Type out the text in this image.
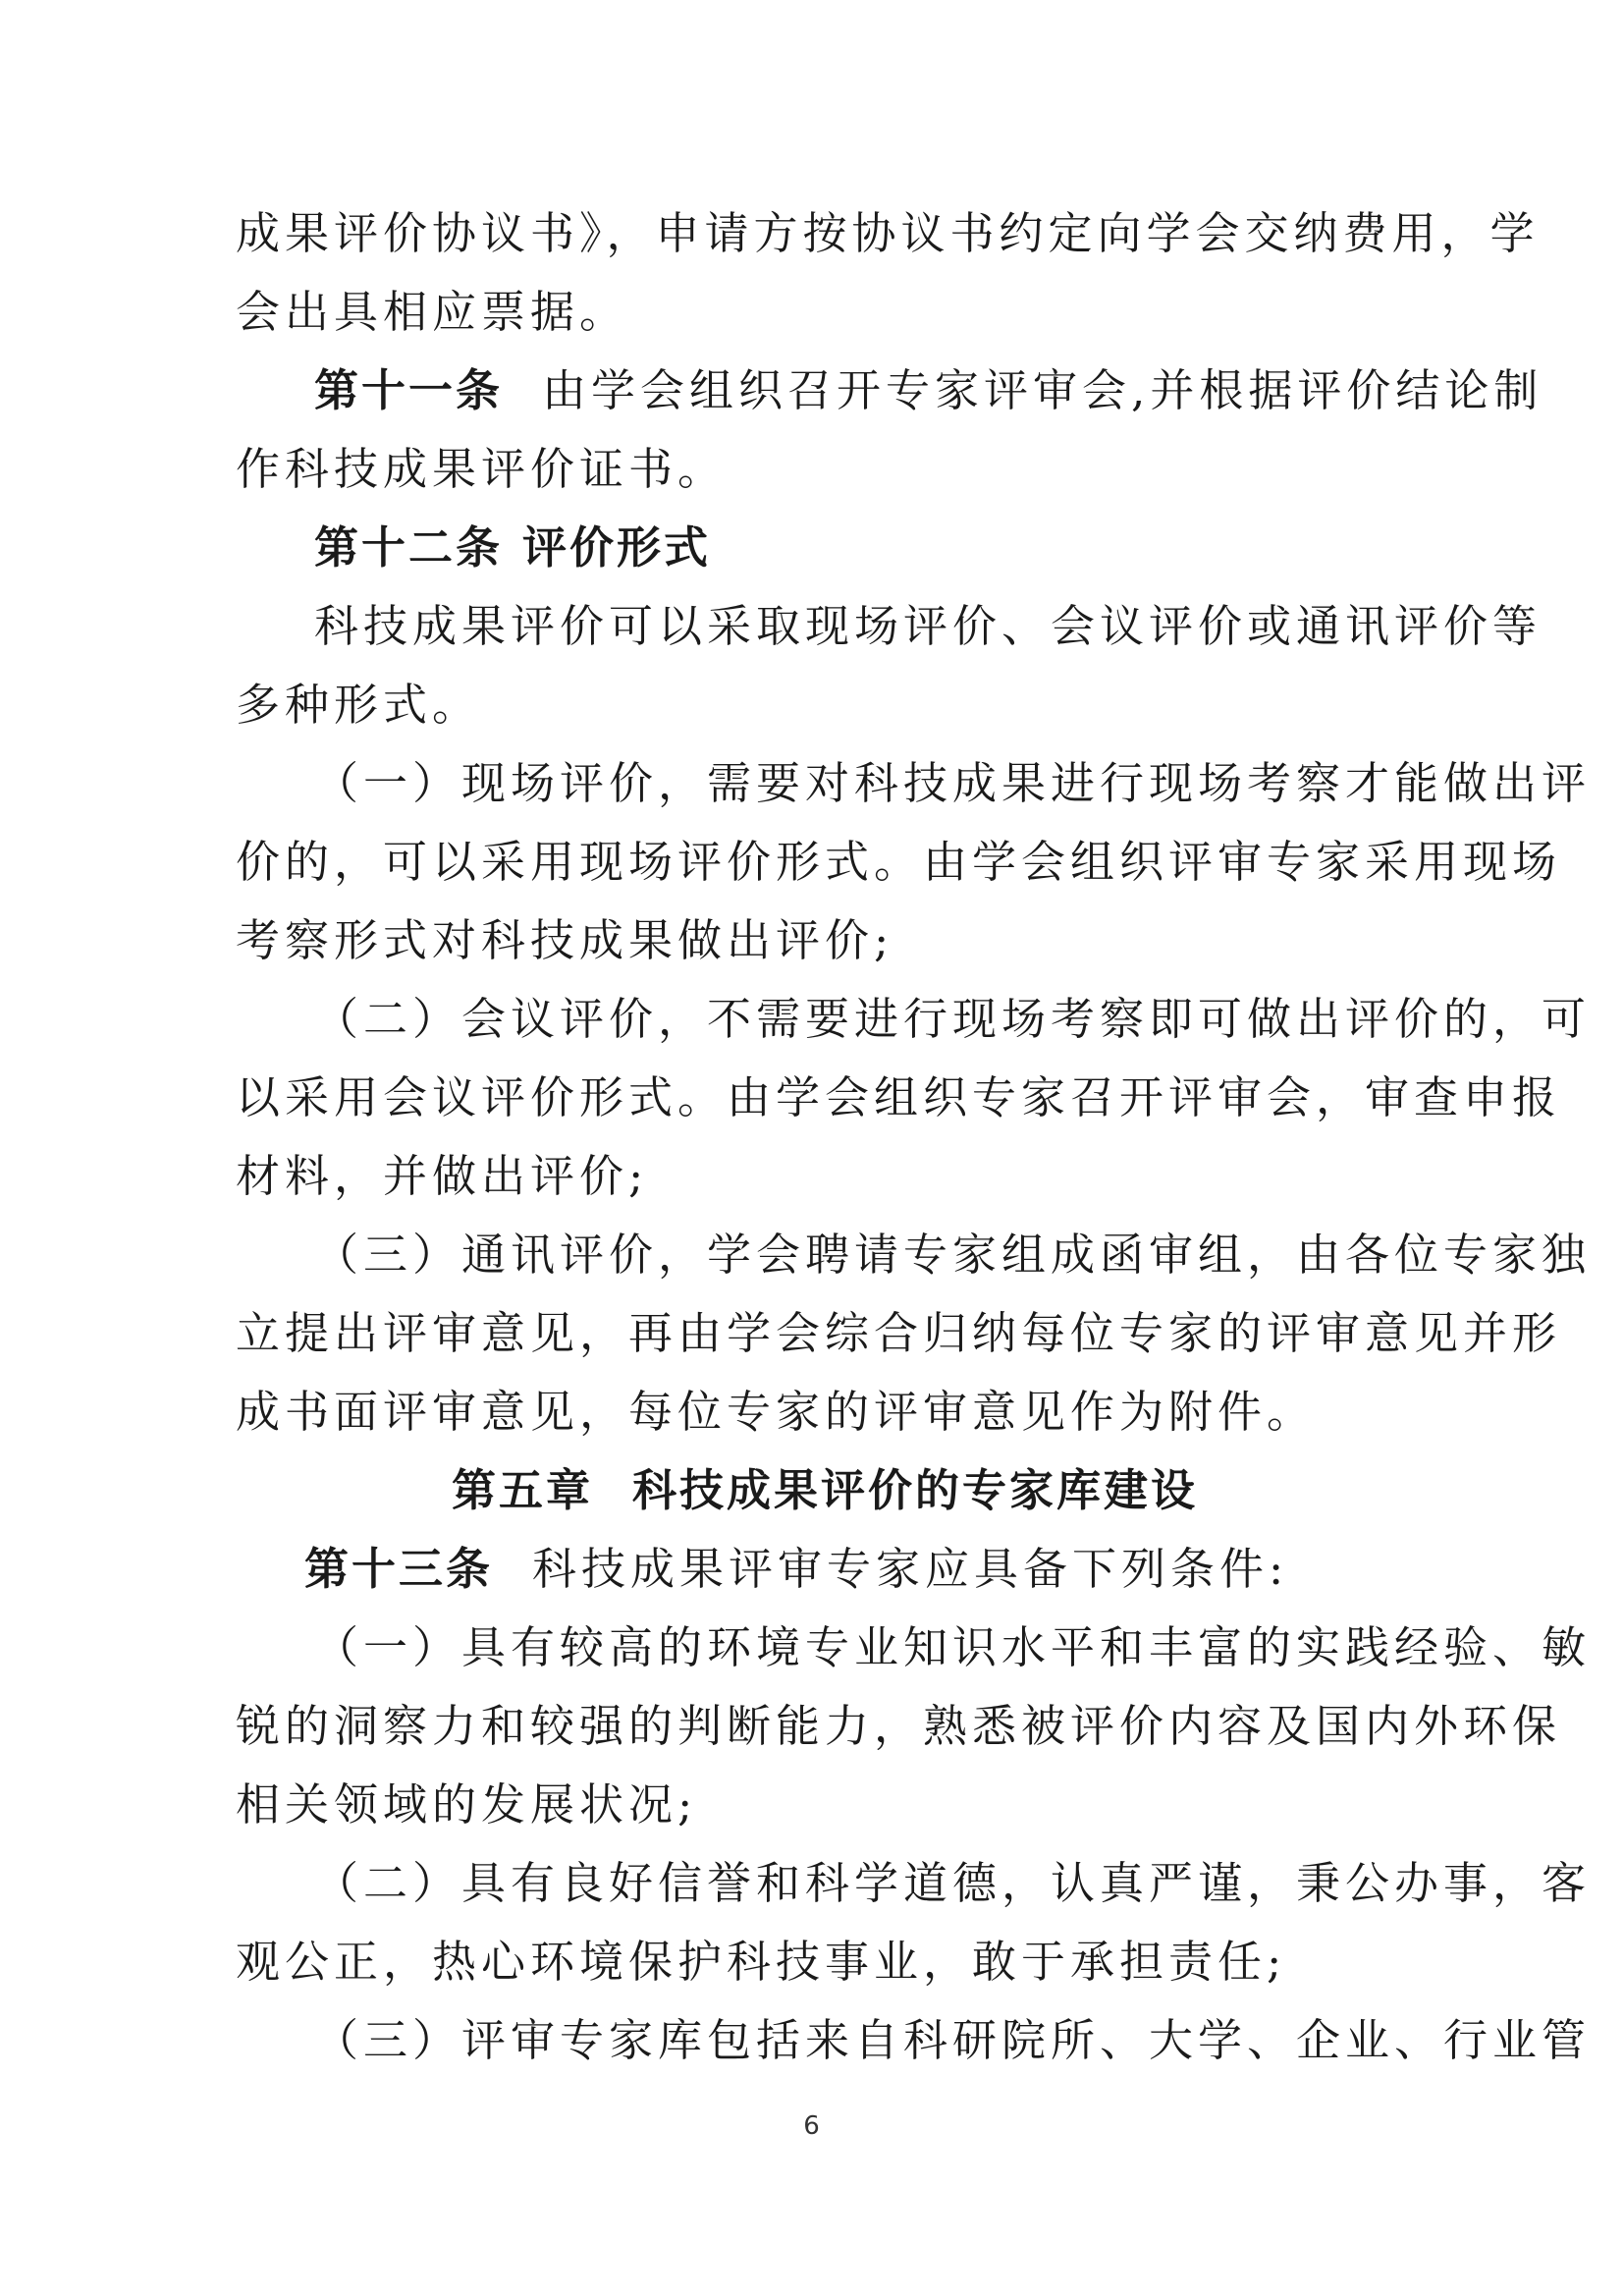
成果评价协议书》，申请方按协议书约定向学会交纳费用，学
会出具相应票据。
第十一条 由学会组织召开专家评审会,并根据评价结论制
作科技成果评价证书。
第十二条 评价形式
科技成果评价可以采取现场评价、会议评价或通讯评价等
多种形式。
（一）现场评价，需要对科技成果进行现场考察才能做出评
价的，可以采用现场评价形式。由学会组织评审专家采用现场
考察形式对科技成果做出评价;
（二）会议评价，不需要进行现场考察即可做出评价的，可
以采用会议评价形式。由学会组织专家召开评审会，审查申报
材料，并做出评价;
（三）通讯评价，学会聘请专家组成函审组，由各位专家独
立提出评审意见，再由学会综合归纳每位专家的评审意见并形
成书面评审意见，每位专家的评审意见作为附件。
第五章 科技成果评价的专家库建设
第十三条 科技成果评审专家应具备下列条件:
（一）具有较高的环境专业知识水平和丰富的实践经验、敏
锐的洞察力和较强的判断能力，熟悉被评价内容及国内外环保
相关领域的发展状况;
（二）具有良好信誉和科学道德，认真严谨，秉公办事，客
观公正，热心环境保护科技事业，敢于承担责任;
（三）评审专家库包括来自科研院所、大学、企业、行业管
6
